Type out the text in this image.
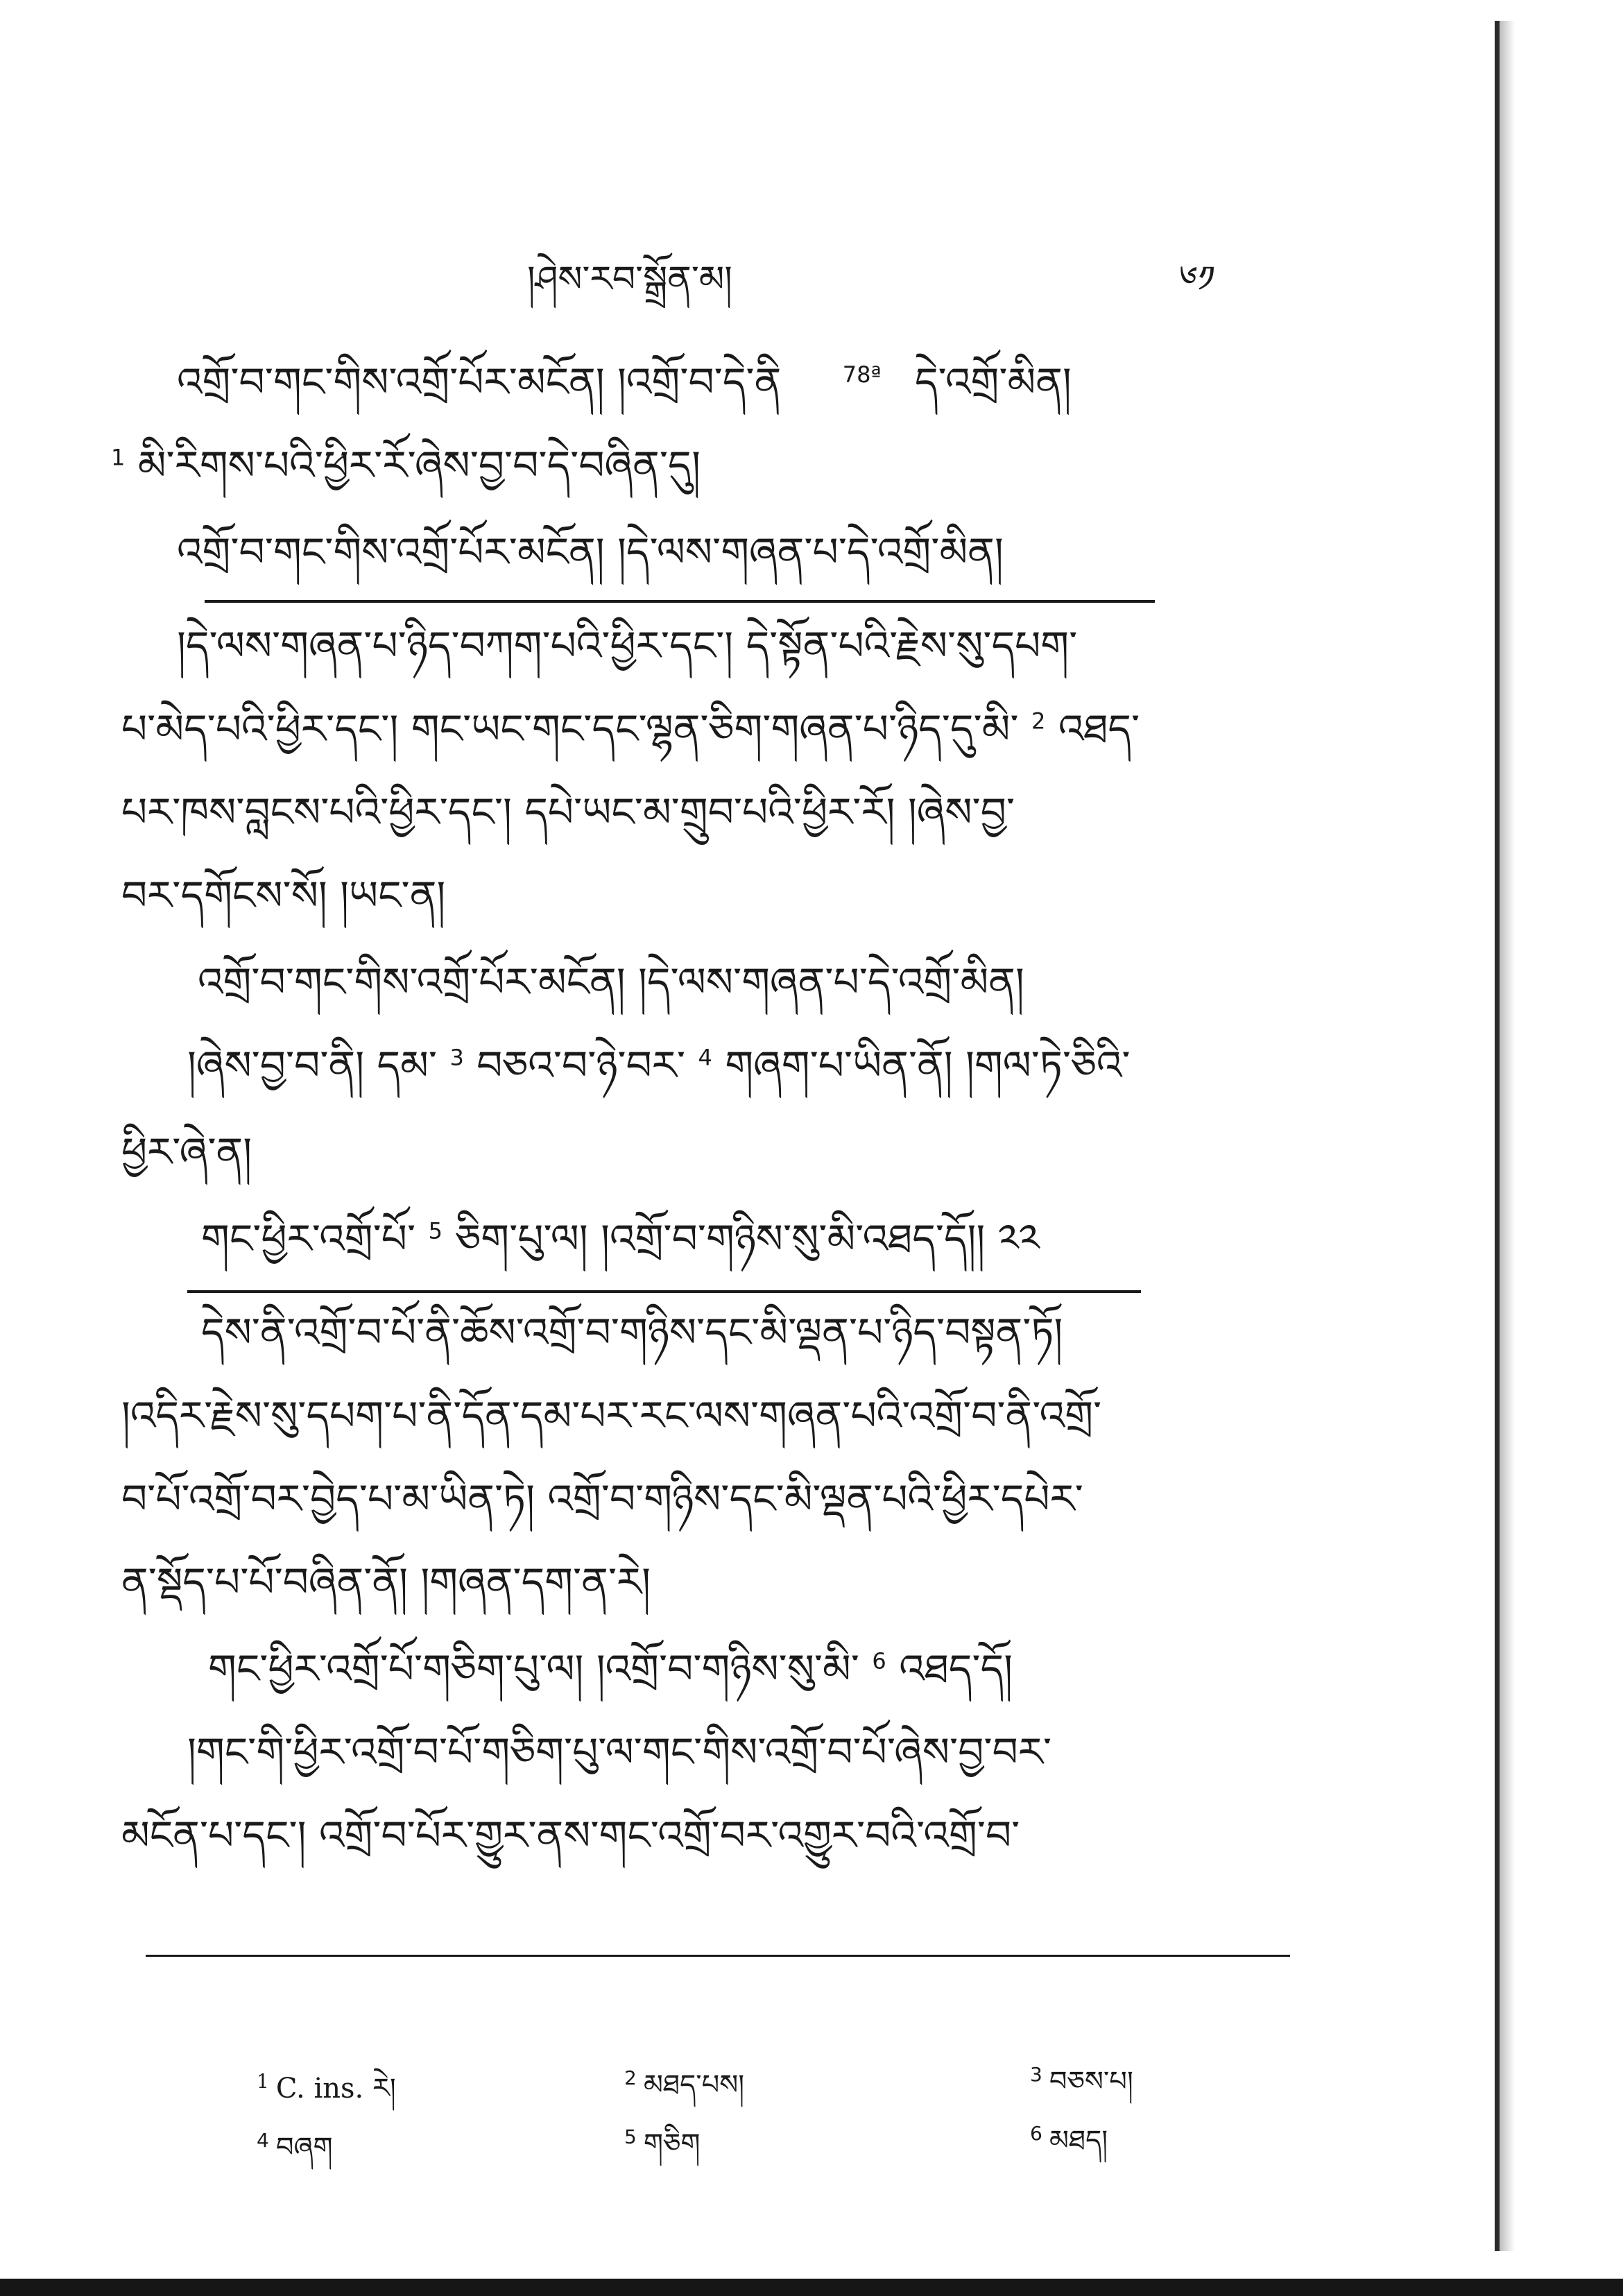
།ཤེས་རབ་སྒྲོན་མ།	༦༡
འགྲོ་བ་གང་གིས་འགྲོ་པོར་མངོན། །འགྲོ་བ་དེ་ནི	$^{78ª}$ དེ་འགྲོ་མིན།
$^1$ མི་རིགས་པའི་ཕྱིར་རོ་ཞེས་བྱ་བ་དེ་བཞིན་དུ།
འགྲོ་བ་གང་གིས་འགྲོ་པོར་མངོན། །དེ་ལས་གཞན་པ་དེ་འགྲོ་མིན།
།དེ་ལས་གཞན་པ་ཉིད་བཀག་པའི་ཕྱིར་དང་། དེ་སྟོན་པའི་རྗེས་སུ་དཔག་
པ་མེད་པའི་ཕྱིར་དང་། གང་ཡང་གང་དང་ལྷན་ཅིག་གཞན་པ་ཉིད་དུ་མི་ $^2$ འཐད་
པར་ཁས་བླངས་པའི་ཕྱིར་དང་། དཔེ་ཡང་མ་གྲུབ་པའི་ཕྱིར་རོ། །ཞེས་བྱ་
བར་དགོངས་སོ། །ཡང་ན།
འགྲོ་བ་གང་གིས་འགྲོ་པོར་མངོན། །དེ་ལས་གཞན་པ་དེ་འགྲོ་མིན།
།ཞེས་བྱ་བ་ནི། དམ་ $^3$ བཅའ་བ་ཉེ་བར་ $^4$ གཞག་པ་ཡིན་ནོ། །གལ་ཏེ་ཅིའི་
ཕྱིར་ཞེ་ན།
གང་ཕྱིར་འགྲོ་པོ་ $^5$ ཅིག་པུ་ལ། །འགྲོ་བ་གཉིས་སུ་མི་འཐད་དོ།། ༢༢
དེས་ནི་འགྲོ་བ་པོ་ནི་ཆོས་འགྲོ་བ་གཉིས་དང་མི་ལྡན་པ་ཉིད་བསྟན་ཏོ།
།འདིར་རྗེས་སུ་དཔག་པ་ནི་དོན་དམ་པར་རང་ལས་གཞན་པའི་འགྲོ་བ་ནི་འགྲོ་
བ་པོ་འགྲོ་བར་བྱེད་པ་མ་ཡིན་ཏེ། འགྲོ་བ་གཉིས་དང་མི་ལྡན་པའི་ཕྱིར་དཔེར་
ན་སྡོད་པ་པོ་བཞིན་ནོ། །གཞན་དག་ན་རེ།
གང་ཕྱིར་འགྲོ་པོ་གཅིག་པུ་ལ། །འགྲོ་བ་གཉིས་སུ་མི་ $^6$ འཐད་དོ།
།གང་གི་ཕྱིར་འགྲོ་བ་པོ་གཅིག་པུ་ལ་གང་གིས་འགྲོ་བ་པོ་ཞེས་བྱ་བར་
མངོན་པ་དང་། འགྲོ་བ་པོར་གྱུར་ནས་གང་འགྲོ་བར་འགྱུར་བའི་འགྲོ་བ་
$^1$ C. ins. རེ།	$^2$ མཐད་པས།	$^3$ བཅས་པ།
$^4$ བཞག	$^5$ གཅིག	$^6$ མཐད།
